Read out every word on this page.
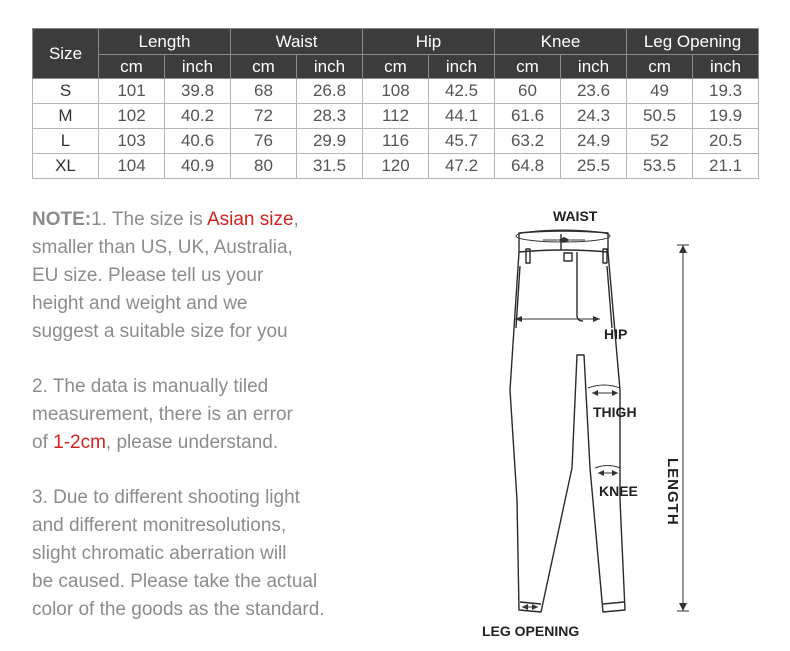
Size	Length		Waist		Hip		Knee		Leg Opening	
	cm	inch	cm	inch	cm	inch	cm	inch	cm	inch
S	101	39.8	68	26.8	108	42.5	60	23.6	49	19.3
M	102	40.2	72	28.3	112	44.1	61.6	24.3	50.5	19.9
L	103	40.6	76	29.9	116	45.7	63.2	24.9	52	20.5
XL	104	40.9	80	31.5	120	47.2	64.8	25.5	53.5	21.1
NOTE:1. The size is Asian size,
smaller than US, UK, Australia,
EU size. Please tell us your
height and weight and we
suggest a suitable size for you
2. The data is manually tiled
measurement, there is an error
of 1-2cm, please understand.
3. Due to different shooting light
and different monitresolutions,
slight chromatic aberration will
be caused. Please take the actual
color of the goods as the standard.
WAIST
HIP
THIGH
KNEE
LEG OPENING
LENGTH
